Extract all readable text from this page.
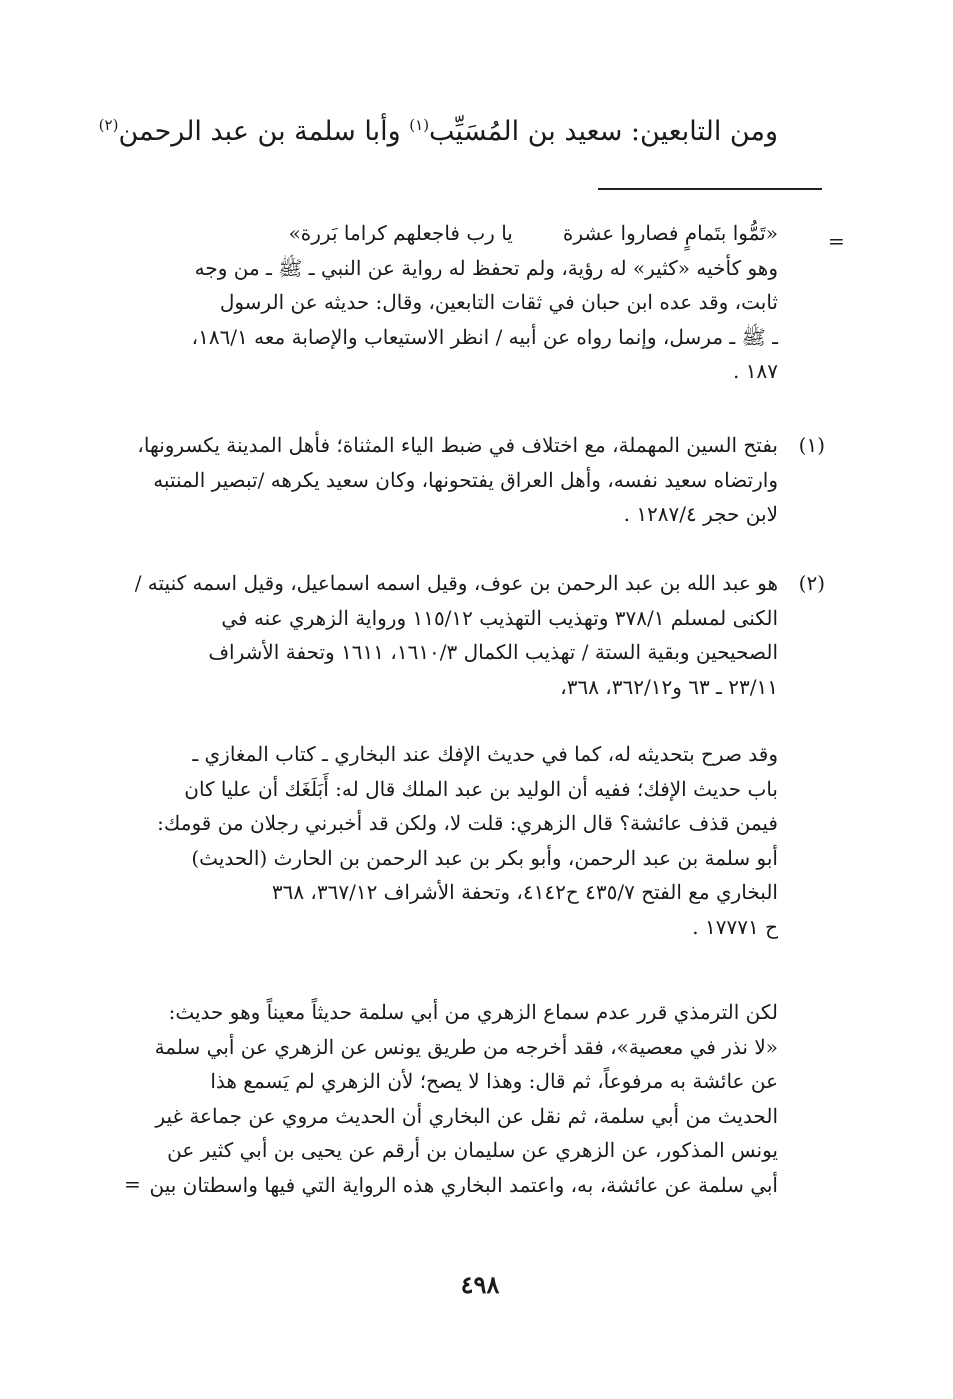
ومن التابعين: سعيد بن المُسَيِّب$^{(١)}$ وأبا سلمة بن عبد الرحمن$^{(٢)}$
=
«تَمُّوا بتَمامٍ فصاروا عشرةيا رب فاجعلهم كراما بَررة»
وهو كأخيه «كثير» له رؤية، ولم تحفظ له رواية عن النبي ـ ﷺ ـ من وجه
ثابت، وقد عده ابن حبان في ثقات التابعين، وقال: حديثه عن الرسول
ـ ﷺ ـ مرسل، وإنما رواه عن أبيه / انظر الاستيعاب والإصابة معه ١٨٦/١،
١٨٧ .
(١)
بفتح السين المهملة، مع اختلاف في ضبط الياء المثناة؛ فأهل المدينة يكسرونها،
وارتضاه سعيد نفسه، وأهل العراق يفتحونها، وكان سعيد يكرهه /تبصير المنتبه
لابن حجر ١٢٨٧/٤ .
(٢)
هو عبد الله بن عبد الرحمن بن عوف، وقيل اسمه اسماعيل، وقيل اسمه كنيته /
الكنى لمسلم ٣٧٨/١ وتهذيب التهذيب ١١٥/١٢ ورواية الزهري عنه في
الصحيحين وبقية الستة / تهذيب الكمال ١٦١٠/٣، ١٦١١ وتحفة الأشراف
٢٣/١١ ـ ٦٣ و٣٦٢/١٢، ٣٦٨،
وقد صرح بتحديثه له، كما في حديث الإفك عند البخاري ـ كتاب المغازي ـ
باب حديث الإفك؛ ففيه أن الوليد بن عبد الملك قال له: أَبَلَغَك أن عليا كان
فيمن قذف عائشة؟ قال الزهري: قلت لا، ولكن قد أخبرني رجلان من قومك:
أبو سلمة بن عبد الرحمن، وأبو بكر بن عبد الرحمن بن الحارث (الحديث)
البخاري مع الفتح ٤٣٥/٧ ح٤١٤٢، وتحفة الأشراف ٣٦٧/١٢، ٣٦٨
ح ١٧٧٧١ .
لكن الترمذي قرر عدم سماع الزهري من أبي سلمة حديثاً معيناً وهو حديث:
«لا نذر في معصية»، فقد أخرجه من طريق يونس عن الزهري عن أبي سلمة
عن عائشة به مرفوعاً، ثم قال: وهذا لا يصح؛ لأن الزهري لم يَسمع هذا
الحديث من أبي سلمة، ثم نقل عن البخاري أن الحديث مروي عن جماعة غير
يونس المذكور، عن الزهري عن سليمان بن أرقم عن يحيى بن أبي كثير عن
أبي سلمة عن عائشة، به، واعتمد البخاري هذه الرواية التي فيها واسطتان بين
=
٤٩٨
